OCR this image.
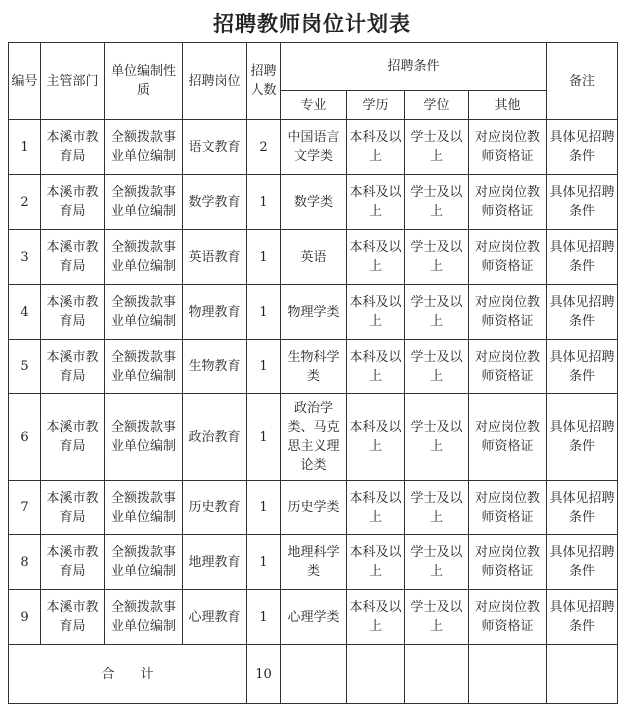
招聘教师岗位计划表
编号	主管部门	单位编制性质	招聘岗位	招聘人数	招聘条件				备注
					专业	学历	学位	其他	
1	本溪市教育局	全额拨款事业单位编制	语文教育	2	中国语言文学类	本科及以上	学士及以上	对应岗位教师资格证	具体见招聘条件
2	本溪市教育局	全额拨款事业单位编制	数学教育	1	数学类	本科及以上	学士及以上	对应岗位教师资格证	具体见招聘条件
3	本溪市教育局	全额拨款事业单位编制	英语教育	1	英语	本科及以上	学士及以上	对应岗位教师资格证	具体见招聘条件
4	本溪市教育局	全额拨款事业单位编制	物理教育	1	物理学类	本科及以上	学士及以上	对应岗位教师资格证	具体见招聘条件
5	本溪市教育局	全额拨款事业单位编制	生物教育	1	生物科学类	本科及以上	学士及以上	对应岗位教师资格证	具体见招聘条件
6	本溪市教育局	全额拨款事业单位编制	政治教育	1	政治学类、马克思主义理论类	本科及以上	学士及以上	对应岗位教师资格证	具体见招聘条件
7	本溪市教育局	全额拨款事业单位编制	历史教育	1	历史学类	本科及以上	学士及以上	对应岗位教师资格证	具体见招聘条件
8	本溪市教育局	全额拨款事业单位编制	地理教育	1	地理科学类	本科及以上	学士及以上	对应岗位教师资格证	具体见招聘条件
9	本溪市教育局	全额拨款事业单位编制	心理教育	1	心理学类	本科及以上	学士及以上	对应岗位教师资格证	具体见招聘条件
合　　计				10					
